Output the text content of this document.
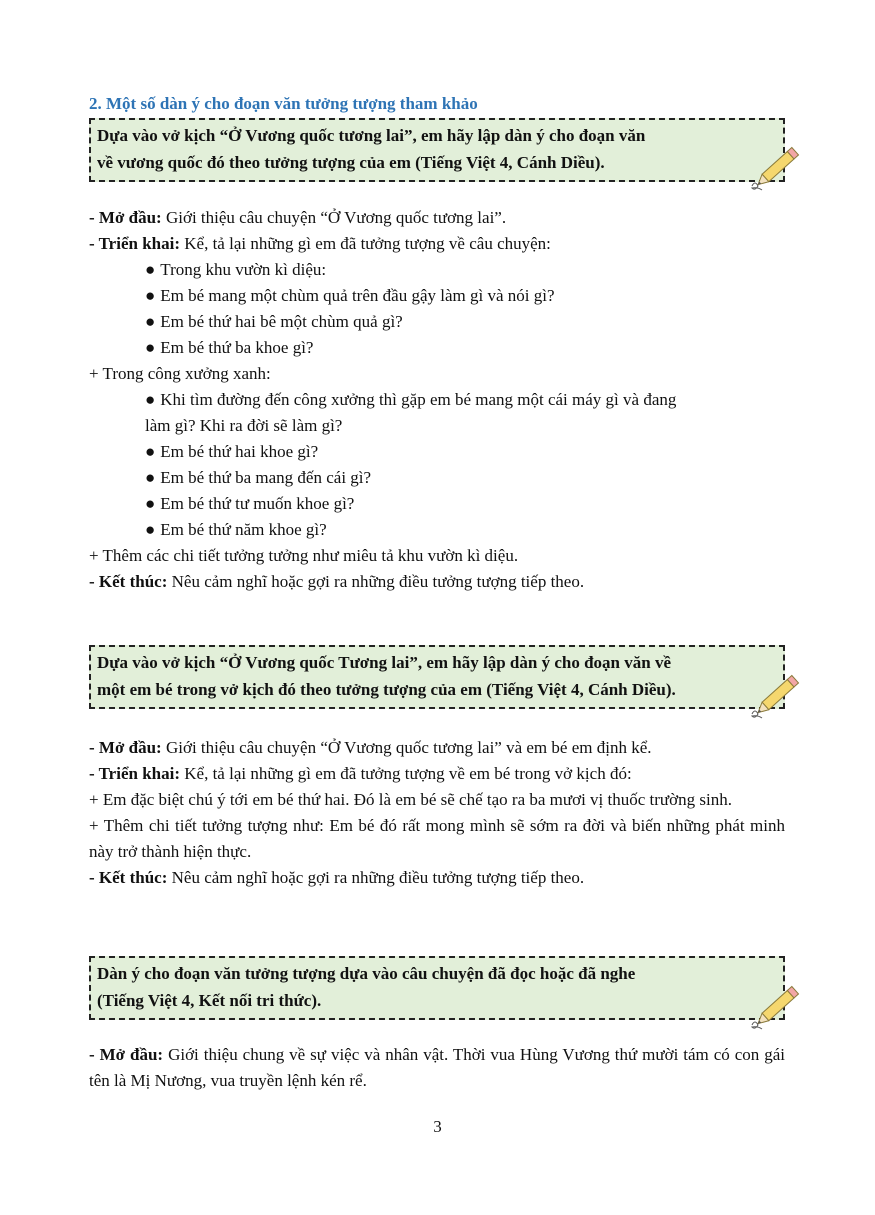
2. Một số dàn ý cho đoạn văn tưởng tượng tham khảo
Dựa vào vở kịch “Ở Vương quốc tương lai”, em hãy lập dàn ý cho đoạn văn
về vương quốc đó theo tưởng tượng của em (Tiếng Việt 4, Cánh Diều).
- Mở đầu: Giới thiệu câu chuyện “Ở Vương quốc tương lai”.
- Triển khai: Kể, tả lại những gì em đã tưởng tượng về câu chuyện:
● Trong khu vườn kì diệu:
● Em bé mang một chùm quả trên đầu gậy làm gì và nói gì?
● Em bé thứ hai bê một chùm quả gì?
● Em bé thứ ba khoe gì?
+ Trong công xưởng xanh:
● Khi tìm đường đến công xưởng thì gặp em bé mang một cái máy gì và đang
làm gì? Khi ra đời sẽ làm gì?
● Em bé thứ hai khoe gì?
● Em bé thứ ba mang đến cái gì?
● Em bé thứ tư muốn khoe gì?
● Em bé thứ năm khoe gì?
+ Thêm các chi tiết tưởng tưởng như miêu tả khu vườn kì diệu.
- Kết thúc: Nêu cảm nghĩ hoặc gợi ra những điều tưởng tượng tiếp theo.
Dựa vào vở kịch “Ở Vương quốc Tương lai”, em hãy lập dàn ý cho đoạn văn về
một em bé trong vở kịch đó theo tưởng tượng của em (Tiếng Việt 4, Cánh Diều).
- Mở đầu: Giới thiệu câu chuyện “Ở Vương quốc tương lai” và em bé em định kể.
- Triển khai: Kể, tả lại những gì em đã tưởng tượng về em bé trong vở kịch đó:
+ Em đặc biệt chú ý tới em bé thứ hai. Đó là em bé sẽ chế tạo ra ba mươi vị thuốc trường sinh.
+ Thêm chi tiết tưởng tượng như: Em bé đó rất mong mình sẽ sớm ra đời và biến những phát minh này trở thành hiện thực.
- Kết thúc: Nêu cảm nghĩ hoặc gợi ra những điều tưởng tượng tiếp theo.
Dàn ý cho đoạn văn tưởng tượng dựa vào câu chuyện đã đọc hoặc đã nghe
(Tiếng Việt 4, Kết nối tri thức).
- Mở đầu: Giới thiệu chung về sự việc và nhân vật. Thời vua Hùng Vương thứ mười tám có con gái tên là Mị Nương, vua truyền lệnh kén rể.
3
